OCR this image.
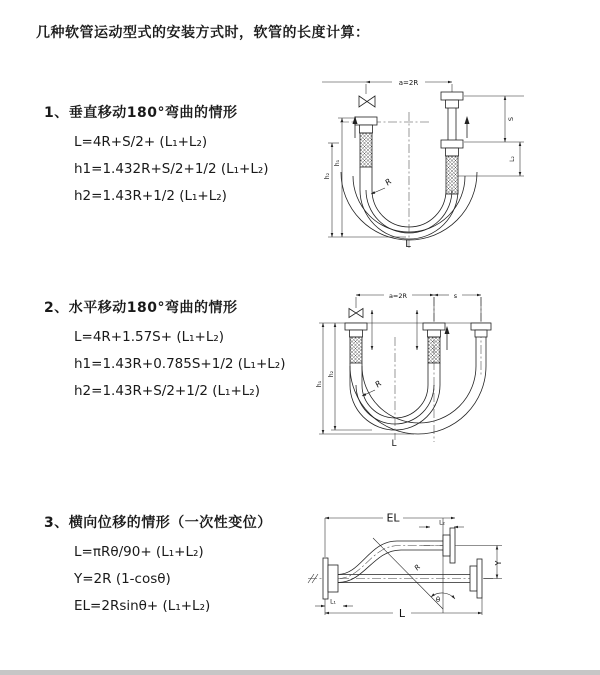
几种软管运动型式的安装方式时，软管的长度计算：
1、垂直移动180°弯曲的情形
L=4R+S/2+ (L₁+L₂)
h1=1.432R+S/2+1/2 (L₁+L₂)
h2=1.43R+1/2 (L₁+L₂)
2、水平移动180°弯曲的情形
L=4R+1.57S+ (L₁+L₂)
h1=1.43R+0.785S+1/2 (L₁+L₂)
h2=1.43R+S/2+1/2 (L₁+L₂)
3、横向位移的情形（一次性变位）
L=πRθ/90+ (L₁+L₂)
Y=2R (1-cosθ)
EL=2Rsinθ+ (L₁+L₂)
a=2R
h₁
h₂
S
L₂
R
L
a=2R	s
h₁
h₂
R
L
EL	L₂
R
θ
Y
L₁
L
